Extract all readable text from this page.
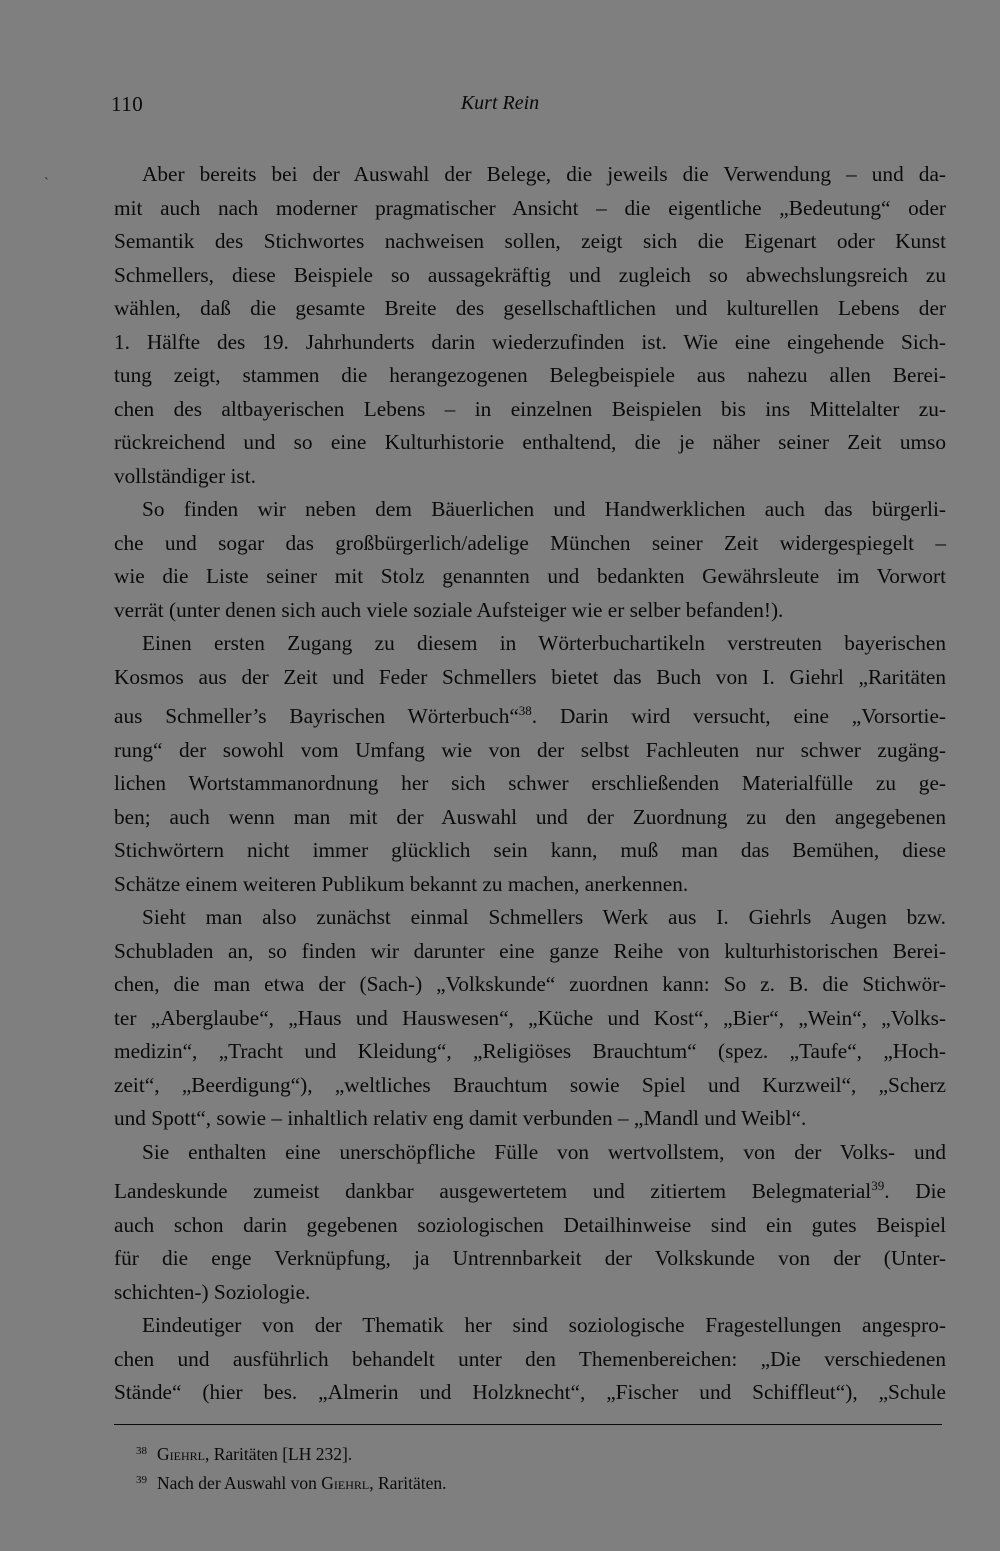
`
110	Kurt Rein
Aber bereits bei der Auswahl der Belege, die jeweils die Verwendung – und da-
mit auch nach moderner pragmatischer Ansicht – die eigentliche „Bedeutung“ oder
Semantik des Stichwortes nachweisen sollen, zeigt sich die Eigenart oder Kunst
Schmellers, diese Beispiele so aussagekräftig und zugleich so abwechslungsreich zu
wählen, daß die gesamte Breite des gesellschaftlichen und kulturellen Lebens der
1. Hälfte des 19. Jahrhunderts darin wiederzufinden ist. Wie eine eingehende Sich-
tung zeigt, stammen die herangezogenen Belegbeispiele aus nahezu allen Berei-
chen des altbayerischen Lebens – in einzelnen Beispielen bis ins Mittelalter zu-
rückreichend und so eine Kulturhistorie enthaltend, die je näher seiner Zeit umso
vollständiger ist.
So finden wir neben dem Bäuerlichen und Handwerklichen auch das bürgerli-
che und sogar das großbürgerlich/adelige München seiner Zeit widergespiegelt –
wie die Liste seiner mit Stolz genannten und bedankten Gewährsleute im Vorwort
verrät (unter denen sich auch viele soziale Aufsteiger wie er selber befanden!).
Einen ersten Zugang zu diesem in Wörterbuchartikeln verstreuten bayerischen
Kosmos aus der Zeit und Feder Schmellers bietet das Buch von I. Giehrl „Raritäten
aus Schmeller’s Bayrischen Wörterbuch“$^{38}$. Darin wird versucht, eine „Vorsortie-
rung“ der sowohl vom Umfang wie von der selbst Fachleuten nur schwer zugäng-
lichen Wortstammanordnung her sich schwer erschließenden Materialfülle zu ge-
ben; auch wenn man mit der Auswahl und der Zuordnung zu den angegebenen
Stichwörtern nicht immer glücklich sein kann, muß man das Bemühen, diese
Schätze einem weiteren Publikum bekannt zu machen, anerkennen.
Sieht man also zunächst einmal Schmellers Werk aus I. Giehrls Augen bzw.
Schubladen an, so finden wir darunter eine ganze Reihe von kulturhistorischen Berei-
chen, die man etwa der (Sach-) „Volkskunde“ zuordnen kann: So z. B. die Stichwör-
ter „Aberglaube“, „Haus und Hauswesen“, „Küche und Kost“, „Bier“, „Wein“, „Volks-
medizin“, „Tracht und Kleidung“, „Religiöses Brauchtum“ (spez. „Taufe“, „Hoch-
zeit“, „Beerdigung“), „weltliches Brauchtum sowie Spiel und Kurzweil“, „Scherz
und Spott“, sowie – inhaltlich relativ eng damit verbunden – „Mandl und Weibl“.
Sie enthalten eine unerschöpfliche Fülle von wertvollstem, von der Volks- und
Landeskunde zumeist dankbar ausgewertetem und zitiertem Belegmaterial$^{39}$. Die
auch schon darin gegebenen soziologischen Detailhinweise sind ein gutes Beispiel
für die enge Verknüpfung, ja Untrennbarkeit der Volkskunde von der (Unter-
schichten-) Soziologie.
Eindeutiger von der Thematik her sind soziologische Fragestellungen angespro-
chen und ausführlich behandelt unter den Themenbereichen: „Die verschiedenen
Stände“ (hier bes. „Almerin und Holzknecht“, „Fischer und Schiffleut“), „Schule
$^{38}$ Giehrl, Raritäten [LH 232].
$^{39}$ Nach der Auswahl von Giehrl, Raritäten.
